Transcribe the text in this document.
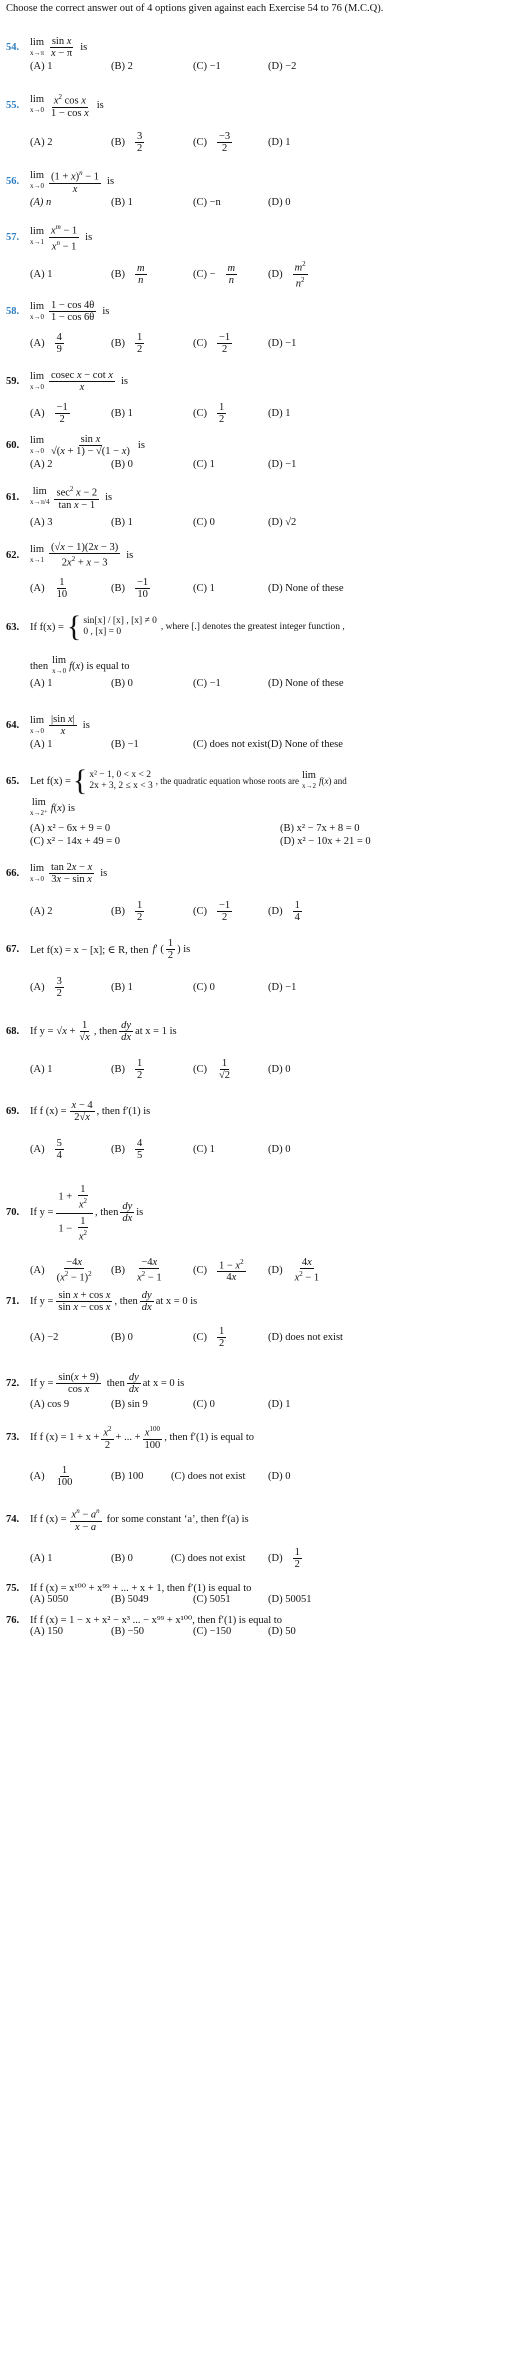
Choose the correct answer out of 4 options given against each Exercise 54 to 76 (M.C.Q).
54.	lim
$x\to\pi \frac{\text{sin x}}{x - \pi}$ is
(A) 1	(B) 2	(C) −1	(D) −2
55.	lim
$x\to 0 \frac{x^2 \cos x}{\text{1 − cos x}}$ is
(A) 2	$(B) \frac{3}{2}$	$(C) \frac{-3}{2}$	(D) 1
56.	lim
$x\to 0 \frac{(1 + x)^n - 1}{x}$ is
(A) n	(B) 1	(C) −n	(D) 0
57.	lim
$x\to 1 \frac{x^m - 1}{x^n - 1}$ is
(A) 1	$(B) \frac{m}{n}$	$(C) - \frac{m}{n}$	$(D) \frac{m^2}{n^2}$
58.	lim
$x\to 0 \frac{1 - \cos 4\theta}{1 - \cos 6\theta}$ is
$(A) \frac{4}{9}$	$(B) \frac{1}{2}$	$(C) \frac{-1}{2}$	(D) −1
59.	lim
$x\to 0 \frac{\text{cosec x − cot x}}{x}$ is
$(A) \frac{-1}{2}$	(B) 1	$(C) \frac{1}{2}$	(D) 1
60.	lim
$x\to 0 \frac{\text{sin x}}{√(x + 1) - √(1 - x)}$ is
(A) 2	(B) 0	(C) 1	(D) −1
61.	lim
$x\to\pi/4 \frac{\sec^2 x - 2}{\text{tan x − 1}}$ is
(A) 3	(B) 1	(C) 0	(D) √2
62.	lim
$x\to 1 \frac{(√x - 1)(2x - 3)}{2x^2 + x - 3}$ is
$(A) \frac{1}{10}$	$(B) \frac{-1}{10}$	(C) 1	(D) None of these
63.	If f(x) = { sin[x] / [x] , [x] ≠ 0
0 , [x] = 0	, where [.] denotes the greatest integer function ,
then lim
x→0 f(x) is equal to
(A) 1	(B) 0	(C) −1	(D) None of these
64.	lim
$x\to 0 \frac{\text{|sin x|}}{x}$ is
(A) 1	(B) −1	(C) does not exist(D) None of these
65.	Let f(x) = { x² − 1, 0 < x < 2
2x + 3, 2 ≤ x < 3 , the quadratic equation whose roots are lim
x→2 f(x) and
lim
x→2⁺ f(x) is
(A) x² − 6x + 9 = 0	(B) x² − 7x + 8 = 0
(C) x² − 14x + 49 = 0	(D) x² − 10x + 21 = 0
66.	lim
$x\to 0 \frac{\tan 2x - x}{\text{3x − sin x}}$ is
(A) 2	$(B) \frac{1}{2}$	$(C) \frac{-1}{2}$	$(D) \frac{1}{4}$
67.	Let f(x) = x − [x]; ∈ R, then f′ ( $\frac{1}{2}$ ) is
$(A) \frac{3}{2}$	(B) 1	(C) 0	(D) −1
68.	If $y = √x + \frac{1}{√x}$ , then $\frac{dy}{dx}$ at x = 1 is
(A) 1	$(B) \frac{1}{2}$	$(C) \frac{1}{√2}$	(D) 0
69.	If f $(x) = \frac{x - 4}{2√x}$ , then f′(1) is
$(A) \frac{5}{4}$	$(B) \frac{4}{5}$	(C) 1	(D) 0
70.	If $y = \frac{1 + \frac{1}{x^2}}{1 - \frac{1}{x^2}}$ , then $\frac{dy}{dx}$ is
$(A) \frac{-4x}{(x^2 - 1)^2} (B) \frac{-4x}{x^2 - 1}$	$(C) \frac{1 - x^2}{4x} (D) \frac{4x}{x^2 - 1}$
71.	If $y = \frac{\text{sin x + cos x}}{\text{sin x − cos x}}$ , then $\frac{dy}{dx}$ at x = 0 is
(A) −2	(B) 0	$(C) \frac{1}{2}$	(D) does not exist
72.	If $y = \frac{\sin(x + 9)}{\text{cos x}}$ then $\frac{dy}{dx}$ at x = 0 is
(A) cos 9	(B) sin 9	(C) 0	(D) 1
73.	If f $(x) = 1 + x + \frac{x^2}{2}$ + ... + $\frac{x^{100}}{100}$ , then f′(1) is equal to
$(A) \frac{1}{100}$	(B) 100	(C) does not exist (D) 0
74.	If f $(x) = \frac{x^n - a^n}{x - a}$ for some constant ‘a’, then f′(a) is
(A) 1	(B) 0	(C) does not exist $(D) \frac{1}{2}$
75.	If f (x) = x¹⁰⁰ + x⁹⁹ + ... + x + 1, then f′(1) is equal to
(A) 5050	(B) 5049	(C) 5051	(D) 50051
76.	If f (x) = 1 − x + x² − x³ ... − x⁹⁹ + x¹⁰⁰, then f′(1) is equal to
(A) 150	(B) −50	(C) −150	(D) 50
